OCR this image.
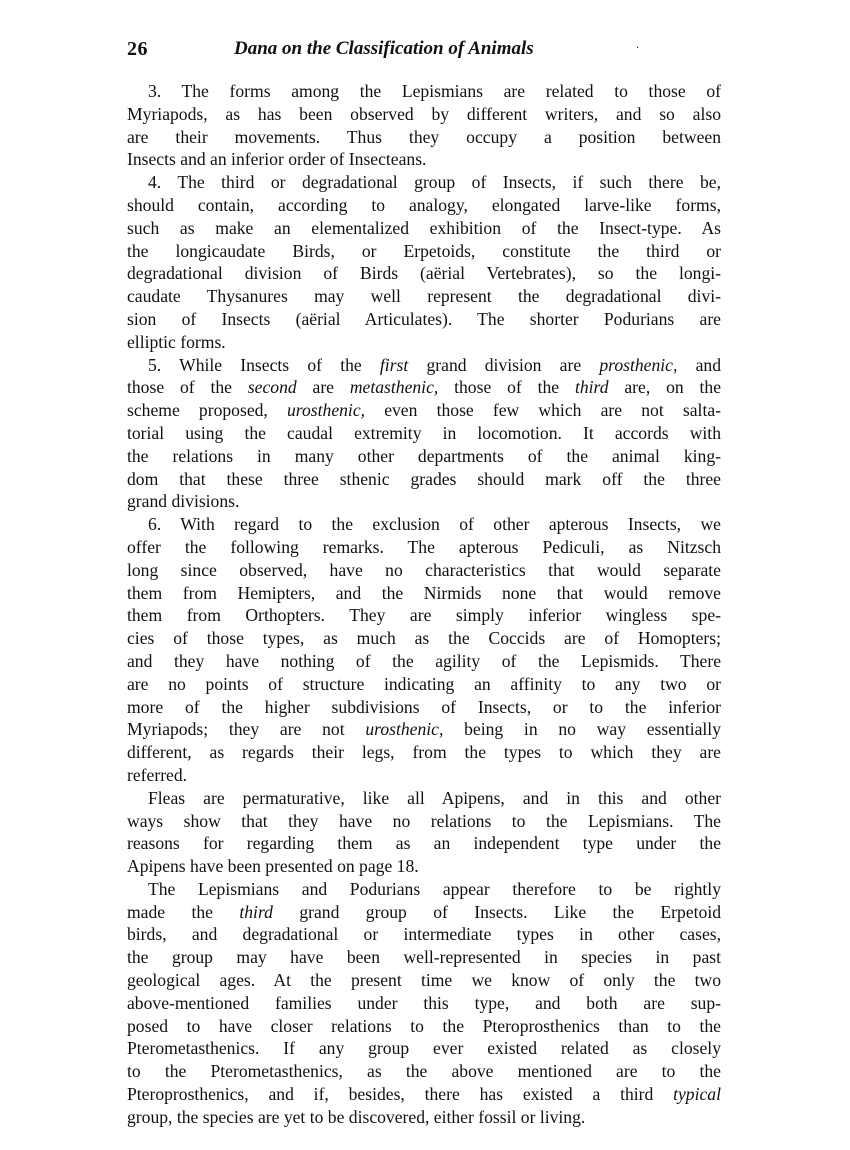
26	Dana on the Classification of Animals	·
3. The forms among the Lepismians are related to those of
Myriapods, as has been observed by different writers, and so also
are their movements. Thus they occupy a position between
Insects and an inferior order of Insecteans.
4. The third or degradational group of Insects, if such there be,
should contain, according to analogy, elongated larve-like forms,
such as make an elementalized exhibition of the Insect-type. As
the longicaudate Birds, or Erpetoids, constitute the third or
degradational division of Birds (aërial Vertebrates), so the longi-
caudate Thysanures may well represent the degradational divi-
sion of Insects (aërial Articulates). The shorter Podurians are
elliptic forms.
5. While Insects of the first grand division are prosthenic, and
those of the second are metasthenic, those of the third are, on the
scheme proposed, urosthenic, even those few which are not salta-
torial using the caudal extremity in locomotion. It accords with
the relations in many other departments of the animal king-
dom that these three sthenic grades should mark off the three
grand divisions.
6. With regard to the exclusion of other apterous Insects, we
offer the following remarks. The apterous Pediculi, as Nitzsch
long since observed, have no characteristics that would separate
them from Hemipters, and the Nirmids none that would remove
them from Orthopters. They are simply inferior wingless spe-
cies of those types, as much as the Coccids are of Homopters;
and they have nothing of the agility of the Lepismids. There
are no points of structure indicating an affinity to any two or
more of the higher subdivisions of Insects, or to the inferior
Myriapods; they are not urosthenic, being in no way essentially
different, as regards their legs, from the types to which they are
referred.
Fleas are permaturative, like all Apipens, and in this and other
ways show that they have no relations to the Lepismians. The
reasons for regarding them as an independent type under the
Apipens have been presented on page 18.
The Lepismians and Podurians appear therefore to be rightly
made the third grand group of Insects. Like the Erpetoid
birds, and degradational or intermediate types in other cases,
the group may have been well-represented in species in past
geological ages. At the present time we know of only the two
above-mentioned families under this type, and both are sup-
posed to have closer relations to the Pteroprosthenics than to the
Pterometasthenics. If any group ever existed related as closely
to the Pterometasthenics, as the above mentioned are to the
Pteroprosthenics, and if, besides, there has existed a third typical
group, the species are yet to be discovered, either fossil or living.
